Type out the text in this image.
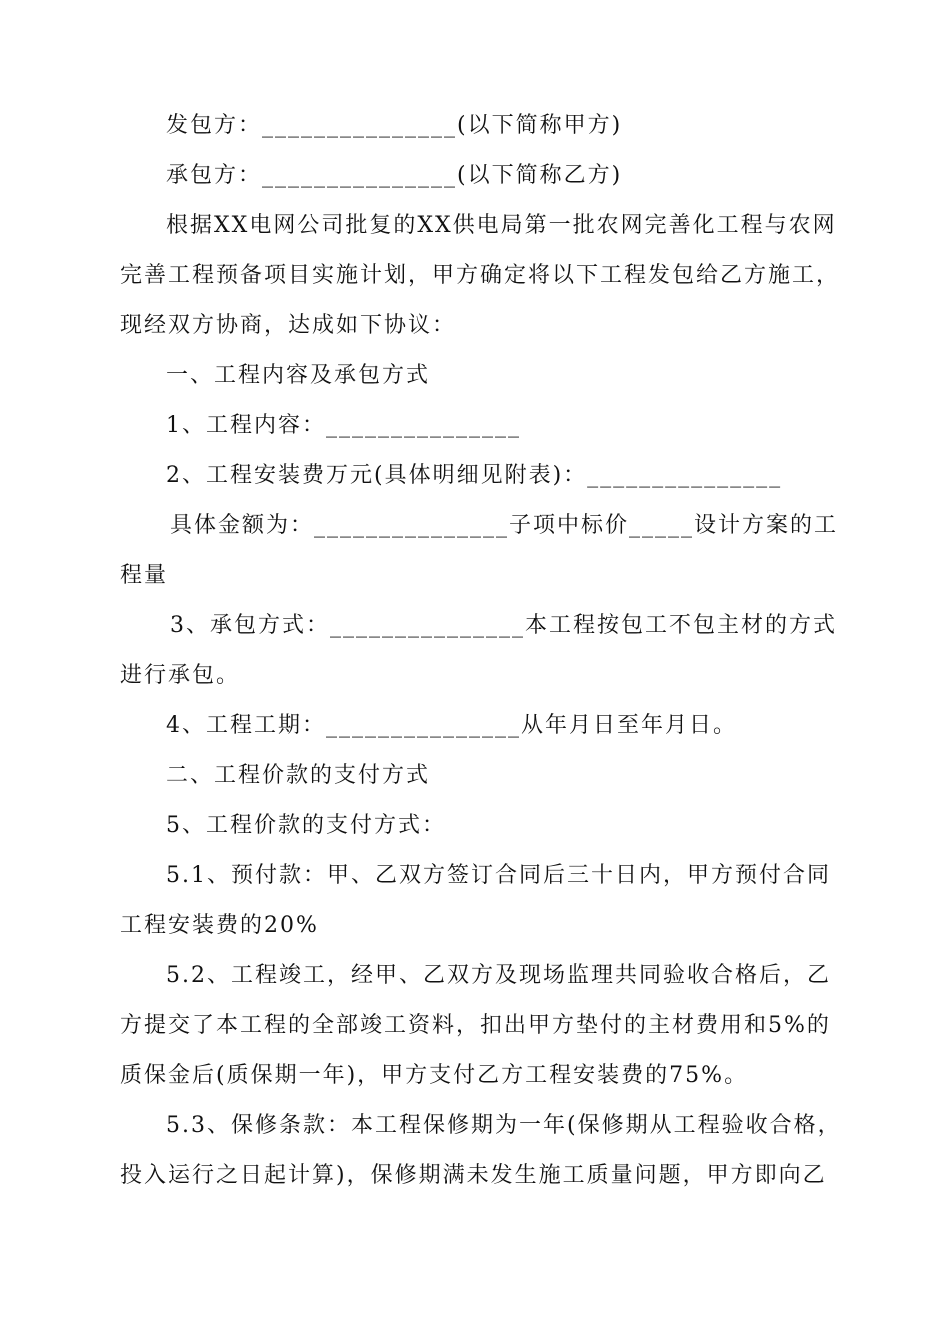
发包方：_______________(以下简称甲方)
承包方：_______________(以下简称乙方)
根据XX电网公司批复的XX供电局第一批农网完善化工程与农网
完善工程预备项目实施计划，甲方确定将以下工程发包给乙方施工，
现经双方协商，达成如下协议：
一、工程内容及承包方式
1、工程内容：_______________
2、工程安装费万元(具体明细见附表)：_______________
具体金额为：_______________子项中标价_____设计方案的工
程量
3、承包方式：_______________本工程按包工不包主材的方式
进行承包。
4、工程工期：_______________从年月日至年月日。
二、工程价款的支付方式
5、工程价款的支付方式：
5.1、预付款：甲、乙双方签订合同后三十日内，甲方预付合同
工程安装费的20%
5.2、工程竣工，经甲、乙双方及现场监理共同验收合格后，乙
方提交了本工程的全部竣工资料，扣出甲方垫付的主材费用和5%的
质保金后(质保期一年)，甲方支付乙方工程安装费的75%。
5.3、保修条款：本工程保修期为一年(保修期从工程验收合格，
投入运行之日起计算)，保修期满未发生施工质量问题，甲方即向乙
